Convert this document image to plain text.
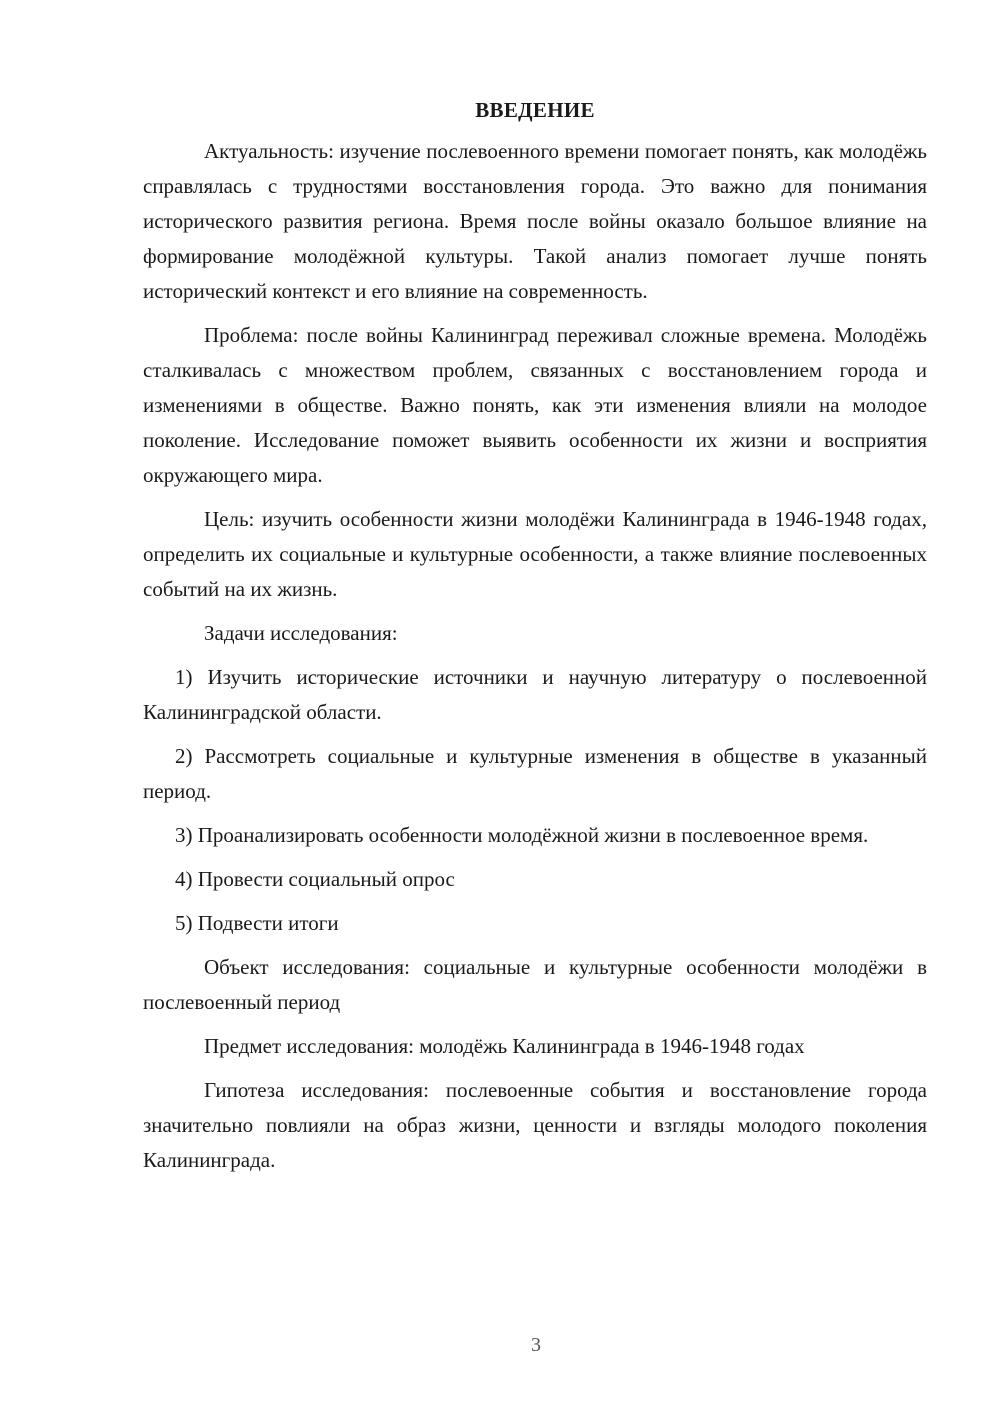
ВВЕДЕНИЕ

Актуальность: изучение послевоенного времени помогает понять, как молодёжь справлялась с трудностями восстановления города. Это важно для понимания исторического развития региона. Время после войны оказало большое влияние на формирование молодёжной культуры. Такой анализ помогает лучше понять исторический контекст и его влияние на современность.

Проблема: после войны Калининград переживал сложные времена. Молодёжь сталкивалась с множеством проблем, связанных с восстановлением города и изменениями в обществе. Важно понять, как эти изменения влияли на молодое поколение. Исследование поможет выявить особенности их жизни и восприятия окружающего мира.

Цель: изучить особенности жизни молодёжи Калининграда в 1946-1948 годах, определить их социальные и культурные особенности, а также влияние послевоенных событий на их жизнь.

Задачи исследования:

1) Изучить исторические источники и научную литературу о послевоенной Калининградской области.

2) Рассмотреть социальные и культурные изменения в обществе в указанный период.

3) Проанализировать особенности молодёжной жизни в послевоенное время.

4) Провести социальный опрос

5) Подвести итоги

Объект исследования: социальные и культурные особенности молодёжи в послевоенный период

Предмет исследования: молодёжь Калининграда в 1946-1948 годах

Гипотеза исследования: послевоенные события и восстановление города значительно повлияли на образ жизни, ценности и взгляды молодого поколения Калининграда.

3
